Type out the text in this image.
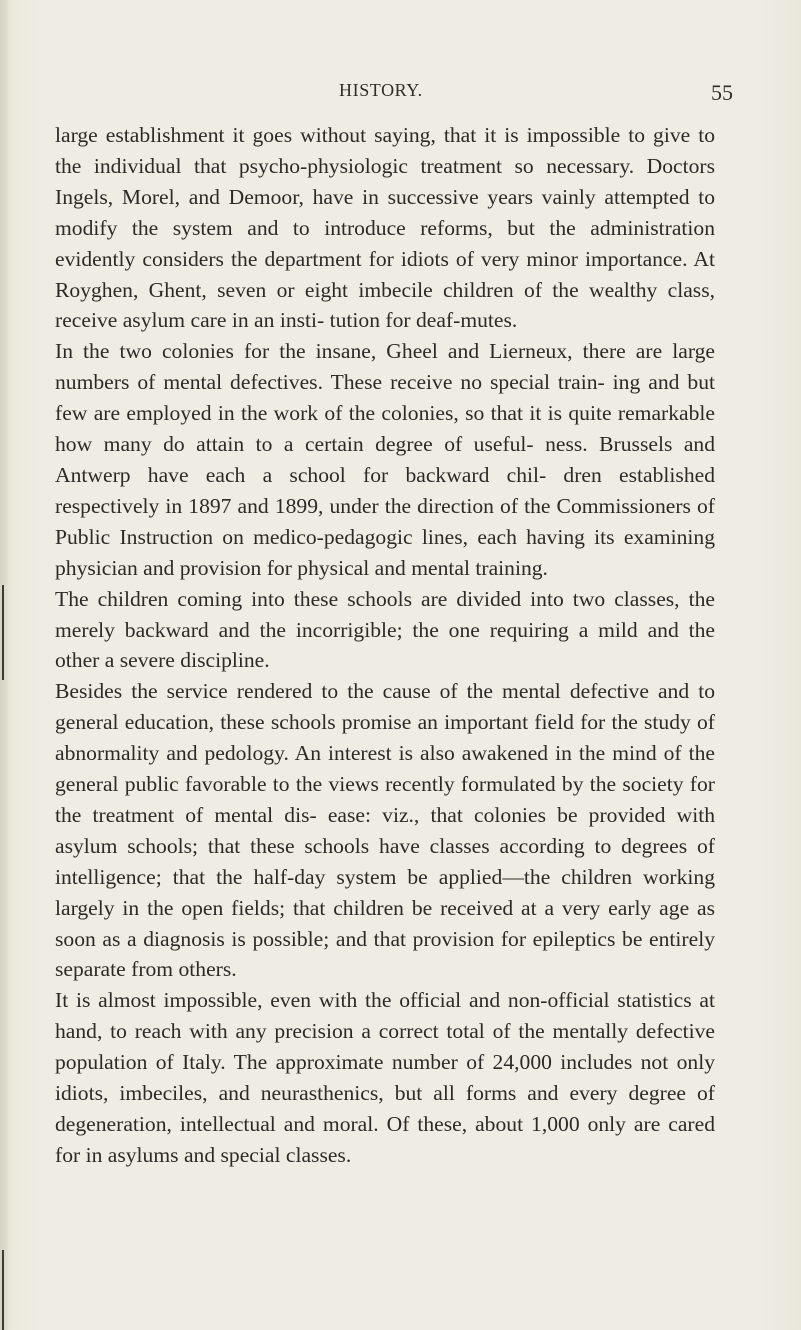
HISTORY.	55

large establishment it goes without saying, that it is impossible to give to the individual that psycho-physiologic treatment so necessary. Doctors Ingels, Morel, and Demoor, have in successive years vainly attempted to modify the system and to introduce reforms, but the administration evidently considers the department for idiots of very minor importance. At Royghen, Ghent, seven or eight imbecile children of the wealthy class, receive asylum care in an insti- tution for deaf-mutes.

In the two colonies for the insane, Gheel and Lierneux, there are large numbers of mental defectives. These receive no special train- ing and but few are employed in the work of the colonies, so that it is quite remarkable how many do attain to a certain degree of useful- ness. Brussels and Antwerp have each a school for backward chil- dren established respectively in 1897 and 1899, under the direction of the Commissioners of Public Instruction on medico-pedagogic lines, each having its examining physician and provision for physical and mental training.

The children coming into these schools are divided into two classes, the merely backward and the incorrigible; the one requiring a mild and the other a severe discipline.

Besides the service rendered to the cause of the mental defective and to general education, these schools promise an important field for the study of abnormality and pedology. An interest is also awakened in the mind of the general public favorable to the views recently formulated by the society for the treatment of mental dis- ease: viz., that colonies be provided with asylum schools; that these schools have classes according to degrees of intelligence; that the half-day system be applied—the children working largely in the open fields; that children be received at a very early age as soon as a diagnosis is possible; and that provision for epileptics be entirely separate from others.

It is almost impossible, even with the official and non-official statistics at hand, to reach with any precision a correct total of the mentally defective population of Italy. The approximate number of 24,000 includes not only idiots, imbeciles, and neurasthenics, but all forms and every degree of degeneration, intellectual and moral. Of these, about 1,000 only are cared for in asylums and special classes.
